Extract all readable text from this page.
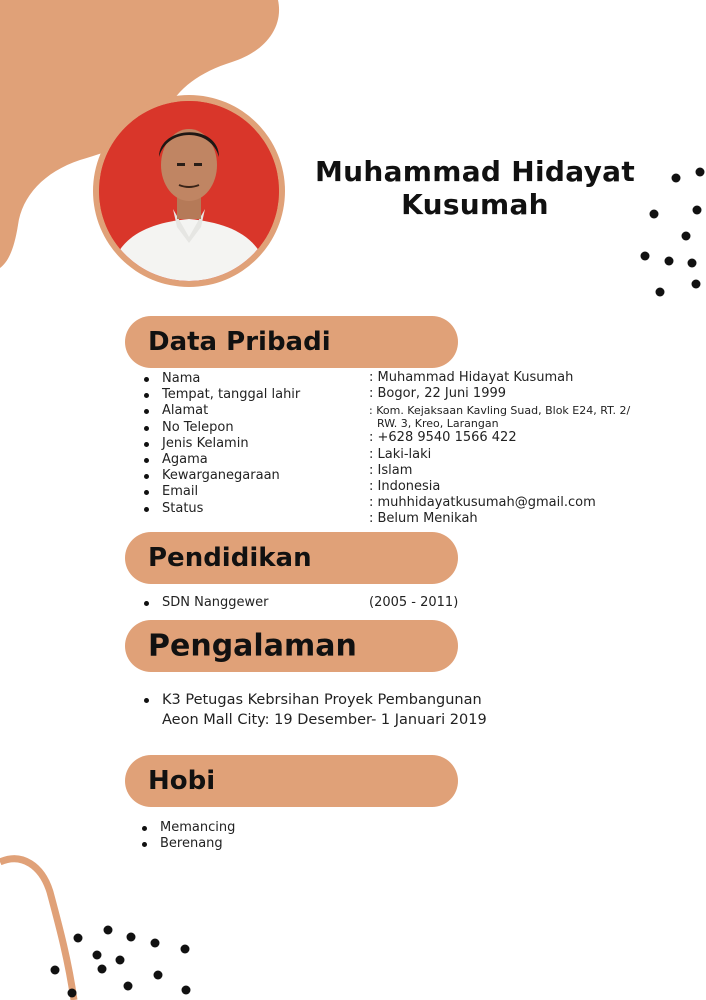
Muhammad Hidayat
Kusumah
Data Pribadi
Nama
Tempat, tanggal lahir
Alamat
No Telepon
Jenis Kelamin
Agama
Kewarganegaraan
Email
Status
: Muhammad Hidayat Kusumah
: Bogor, 22 Juni 1999
: Kom. Kejaksaan Kavling Suad, Blok E24, RT. 2/
RW. 3, Kreo, Larangan
: +628 9540 1566 422
: Laki-laki
: Islam
: Indonesia
: muhhidayatkusumah@gmail.com
: Belum Menikah
Pendidikan
SDN Nanggewer	(2005 - 2011)
Pengalaman
K3 Petugas Kebrsihan Proyek Pembangunan
Aeon Mall City: 19 Desember- 1 Januari 2019
Hobi
Memancing
Berenang
